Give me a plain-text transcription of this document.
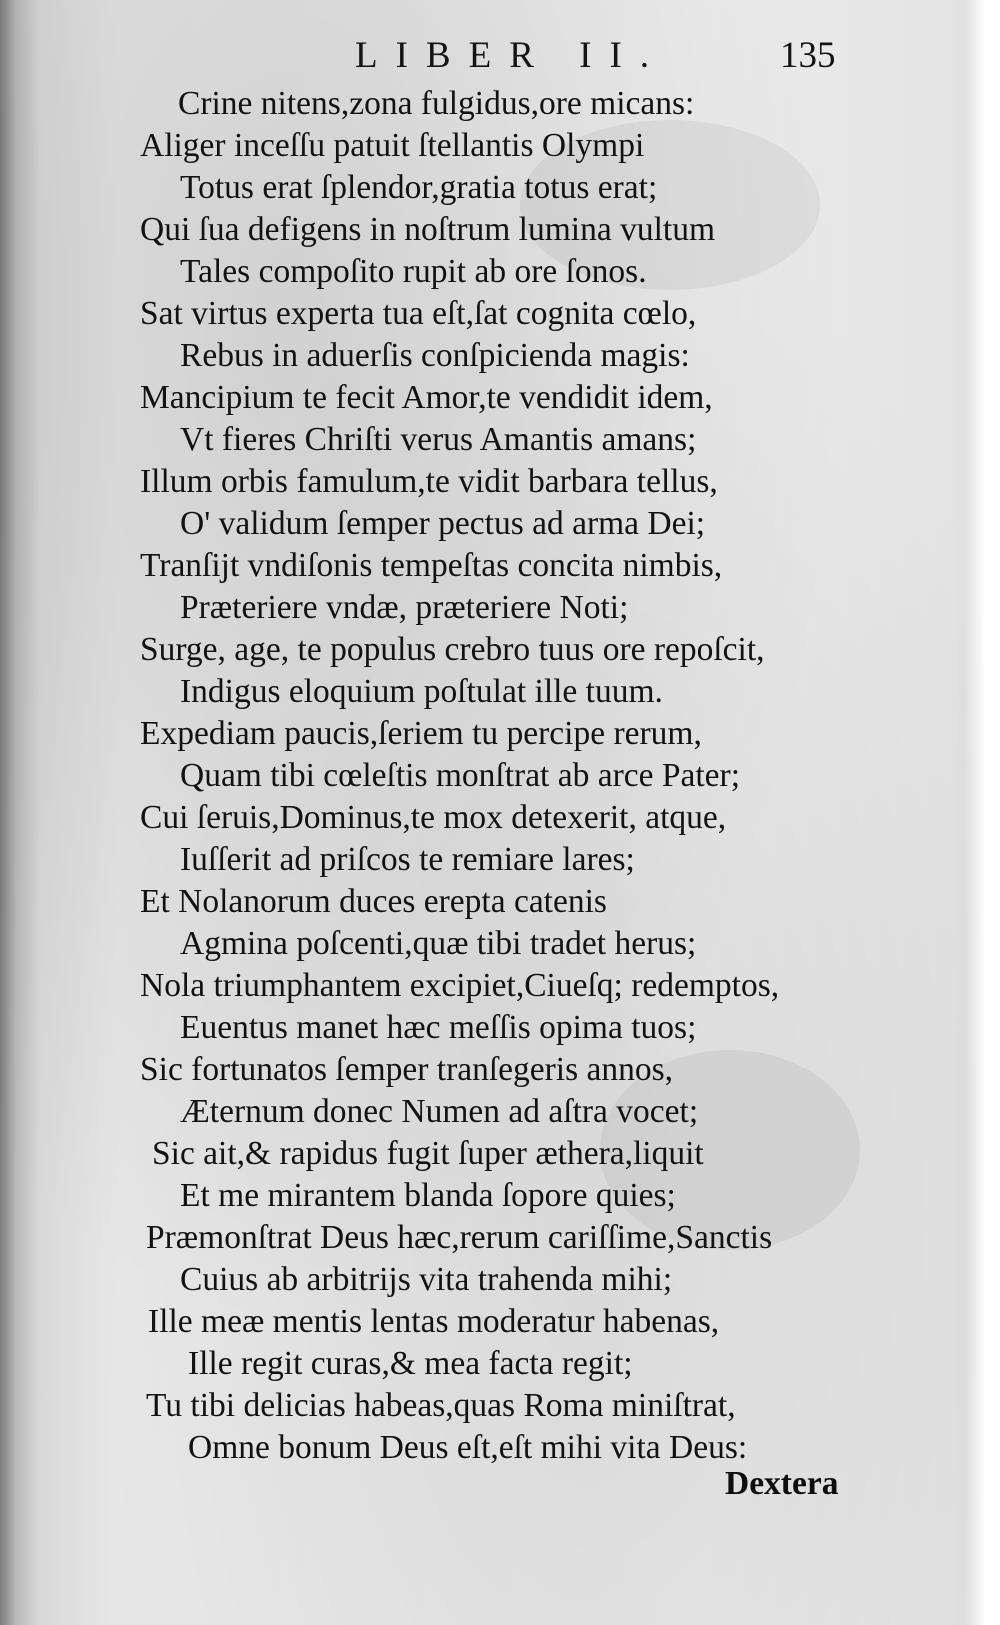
LIBER II.	135
Crine nitens,zona fulgidus,ore micans:
Aliger inceſſu patuit ſtellantis Olympi
Totus erat ſplendor,gratia totus erat;
Qui ſua defigens in noſtrum lumina vultum
Tales compoſito rupit ab ore ſonos.
Sat virtus experta tua eſt,ſat cognita cœlo,
Rebus in aduerſis conſpicienda magis:
Mancipium te fecit Amor,te vendidit idem,
Vt fieres Chriſti verus Amantis amans;
Illum orbis famulum,te vidit barbara tellus,
O' validum ſemper pectus ad arma Dei;
Tranſijt vndiſonis tempeſtas concita nimbis,
Præteriere vndæ, præteriere Noti;
Surge, age, te populus crebro tuus ore repoſcit,
Indigus eloquium poſtulat ille tuum.
Expediam paucis,ſeriem tu percipe rerum,
Quam tibi cœleſtis monſtrat ab arce Pater;
Cui ſeruis,Dominus,te mox detexerit, atque,
Iuſſerit ad priſcos te remiare lares;
Et Nolanorum duces erepta catenis
Agmina poſcenti,quæ tibi tradet herus;
Nola triumphantem excipiet,Ciueſq; redemptos,
Euentus manet hæc meſſis opima tuos;
Sic fortunatos ſemper tranſegeris annos,
Æternum donec Numen ad aſtra vocet;
Sic ait,& rapidus fugit ſuper æthera,liquit
Et me mirantem blanda ſopore quies;
Præmonſtrat Deus hæc,rerum cariſſime,Sanctis
Cuius ab arbitrijs vita trahenda mihi;
Ille meæ mentis lentas moderatur habenas,
Ille regit curas,& mea facta regit;
Tu tibi delicias habeas,quas Roma miniſtrat,
Omne bonum Deus eſt,eſt mihi vita Deus:
Dextera
